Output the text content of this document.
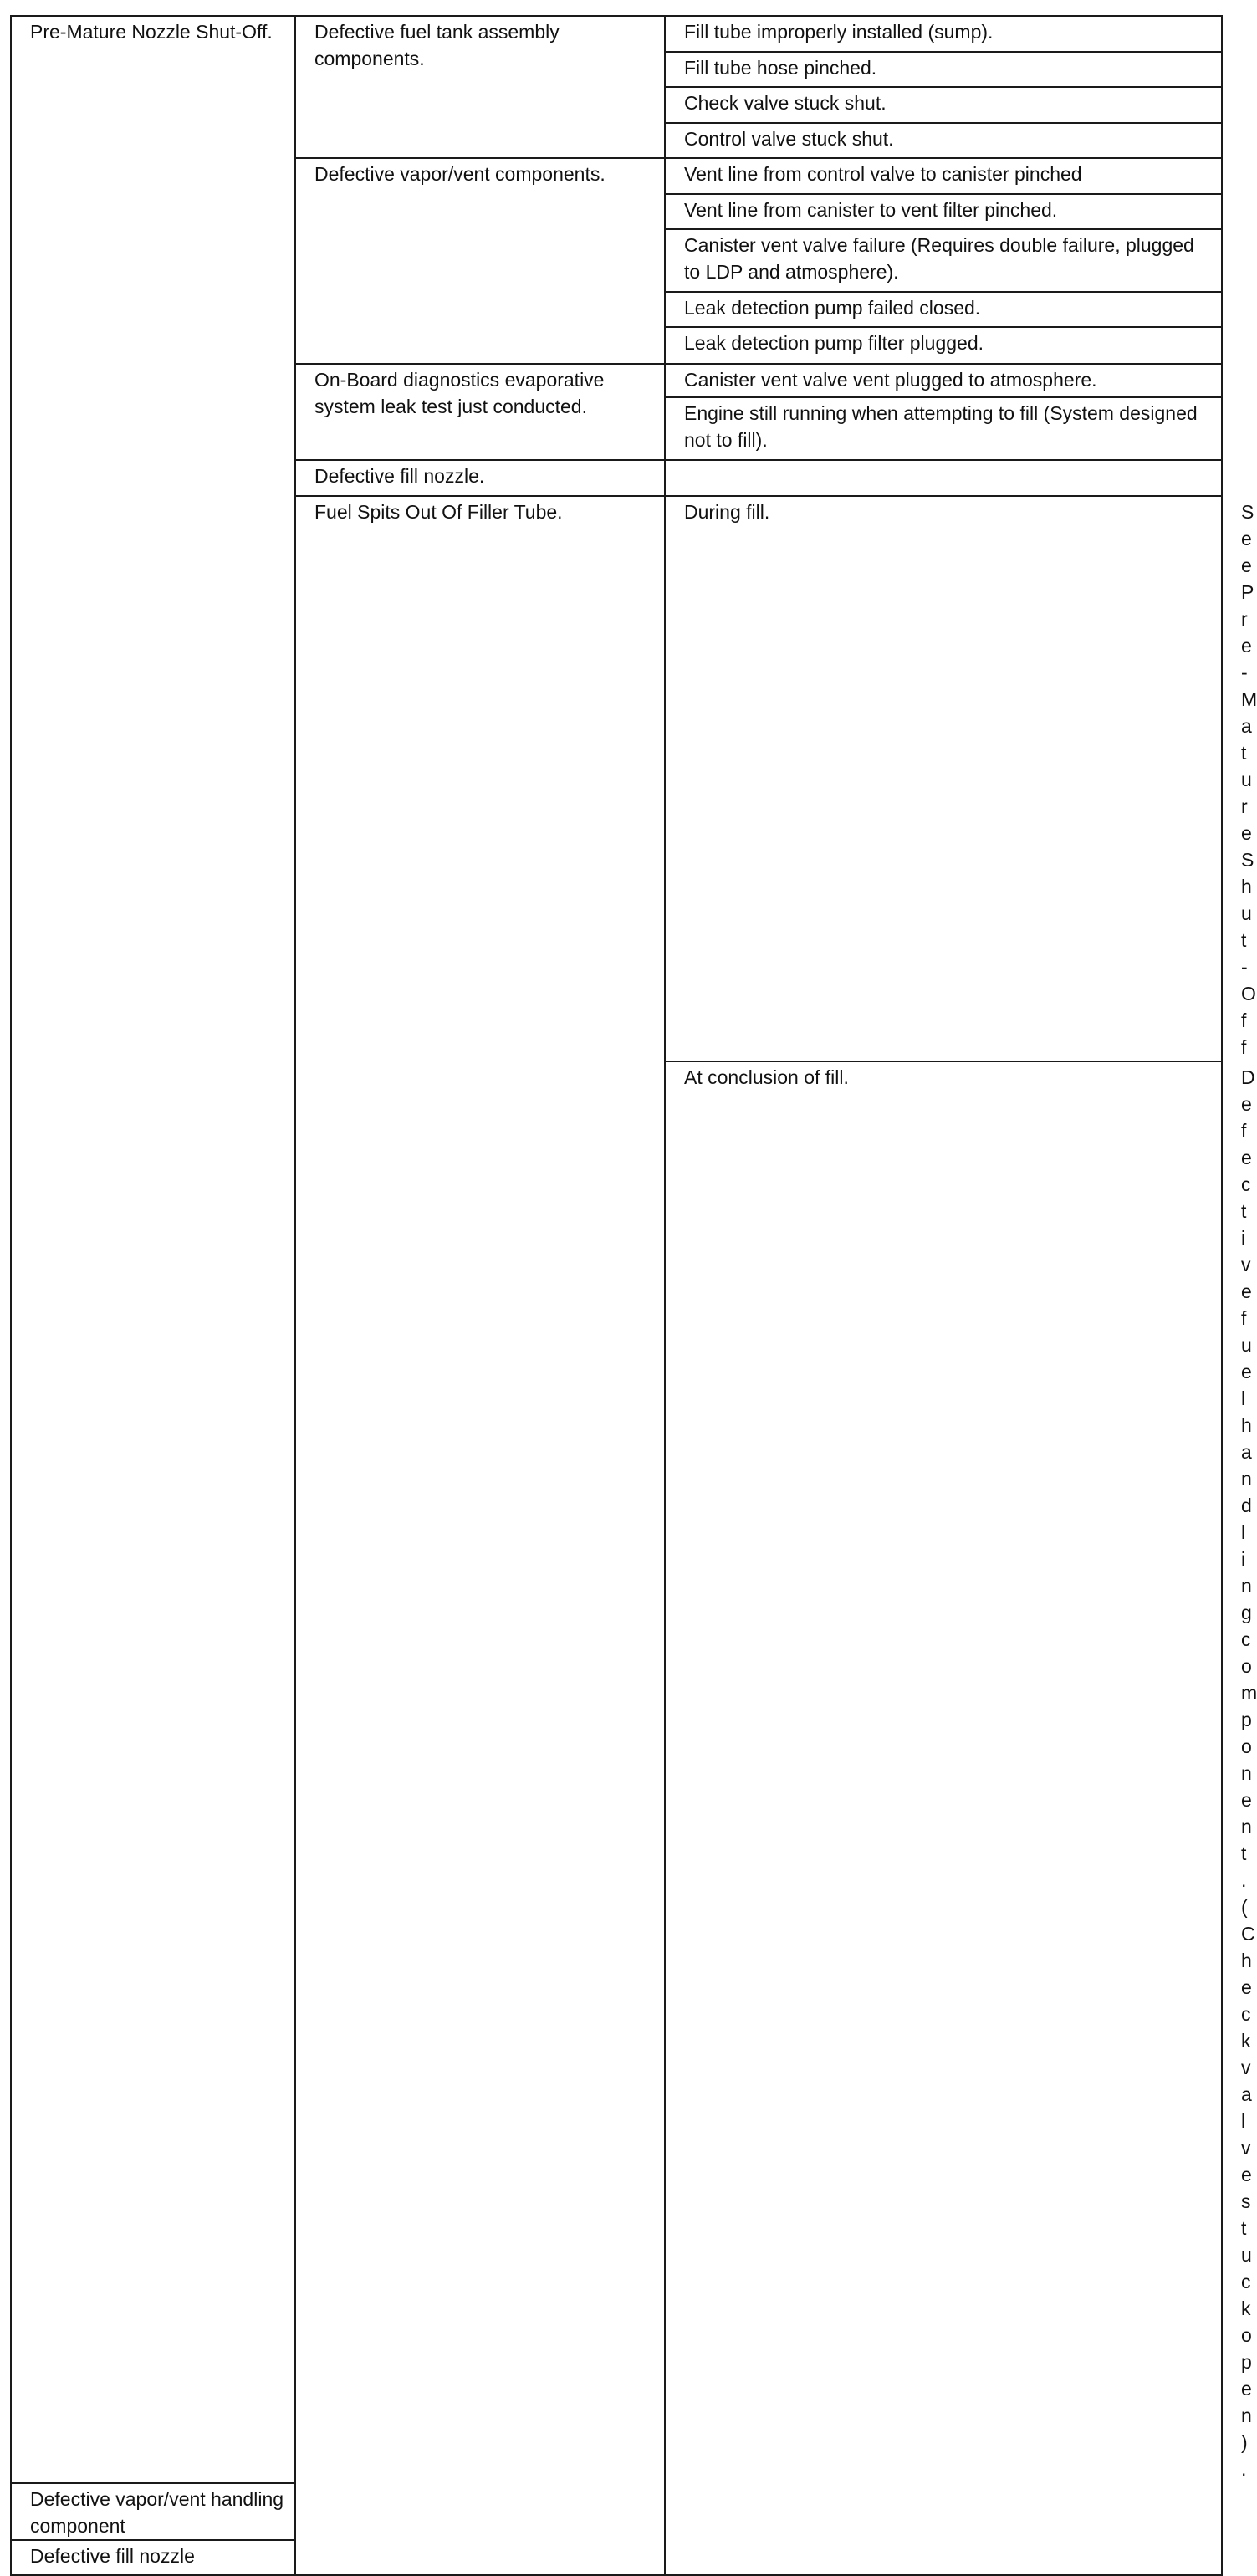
Pre-Mature Nozzle Shut-Off.	Defective fuel tank assembly components.	Fill tube improperly installed (sump).	
		Fill tube hose pinched.	
		Check valve stuck shut.	
		Control valve stuck shut.	
	Defective vapor/vent components.	Vent line from control valve to canister pinched	
		Vent line from canister to vent filter pinched.	
		Canister vent valve failure (Requires double failure, plugged to LDP and atmosphere).	
		Leak detection pump failed closed.	
		Leak detection pump filter plugged.	
	On-Board diagnostics evaporative system leak test just conducted.	Canister vent valve vent plugged to atmosphere.	
		Engine still running when attempting to fill (System designed not to fill).	
	Defective fill nozzle.		
	Fuel Spits Out Of Filler Tube.	During fill.	See Pre-Mature Shut-Off
		At conclusion of fill.	Defective fuel handling component. (Check valve stuck open).
Defective vapor/vent handling component			
Defective fill nozzle			
